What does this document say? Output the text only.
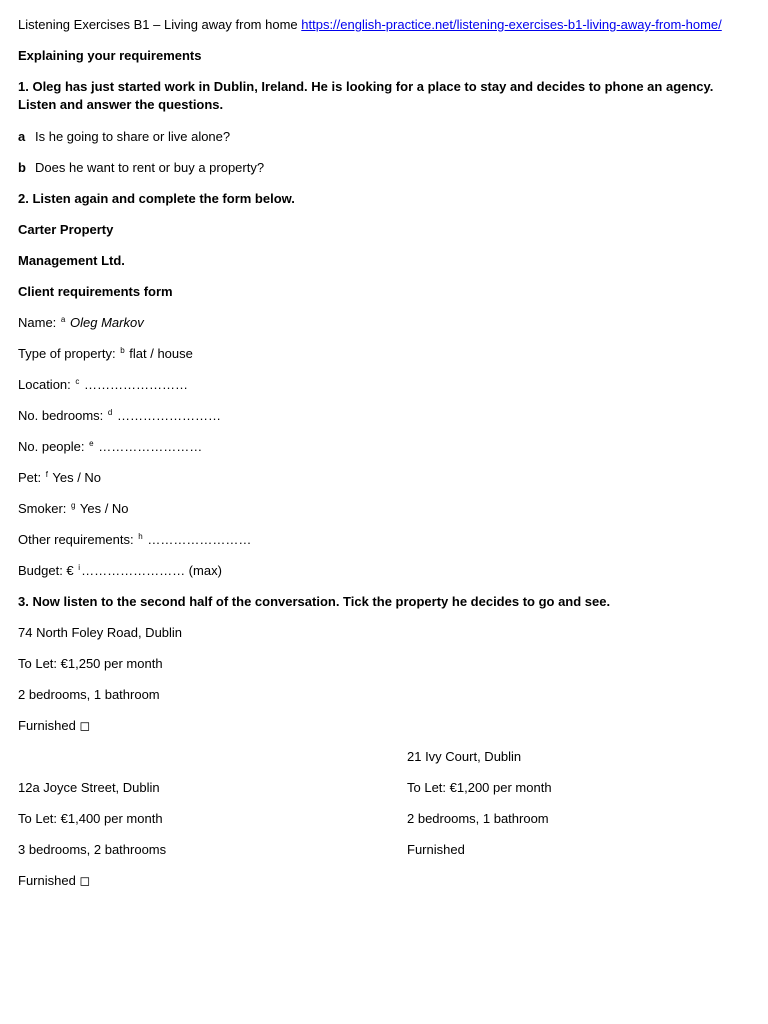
Listening Exercises B1 – Living away from home https://english-practice.net/listening-exercises-b1-living-away-from-home/
Explaining your requirements
1. Oleg has just started work in Dublin, Ireland. He is looking for a place to stay and decides to phone an agency. Listen and answer the questions.
a Is he going to share or live alone?
b Does he want to rent or buy a property?
2. Listen again and complete the form below.
Carter Property
Management Ltd.
Client requirements form
Name: $^a$ Oleg Markov
Type of property: $^b$ flat / house
Location: $^c$ ……………………
No. bedrooms: $^d$ ……………………
No. people: $^e$ ……………………
Pet: $^f$ Yes / No
Smoker: $^g$ Yes / No
Other requirements: $^h$ ……………………
Budget: € $^i$…………………… (max)
3. Now listen to the second half of the conversation. Tick the property he decides to go and see.
74 North Foley Road, Dublin
To Let: €1,250 per month
2 bedrooms, 1 bathroom
Furnished ◻
21 Ivy Court, Dublin
To Let: €1,200 per month
2 bedrooms, 1 bathroom
Furnished
12a Joyce Street, Dublin
To Let: €1,400 per month
3 bedrooms, 2 bathrooms
Furnished ◻
